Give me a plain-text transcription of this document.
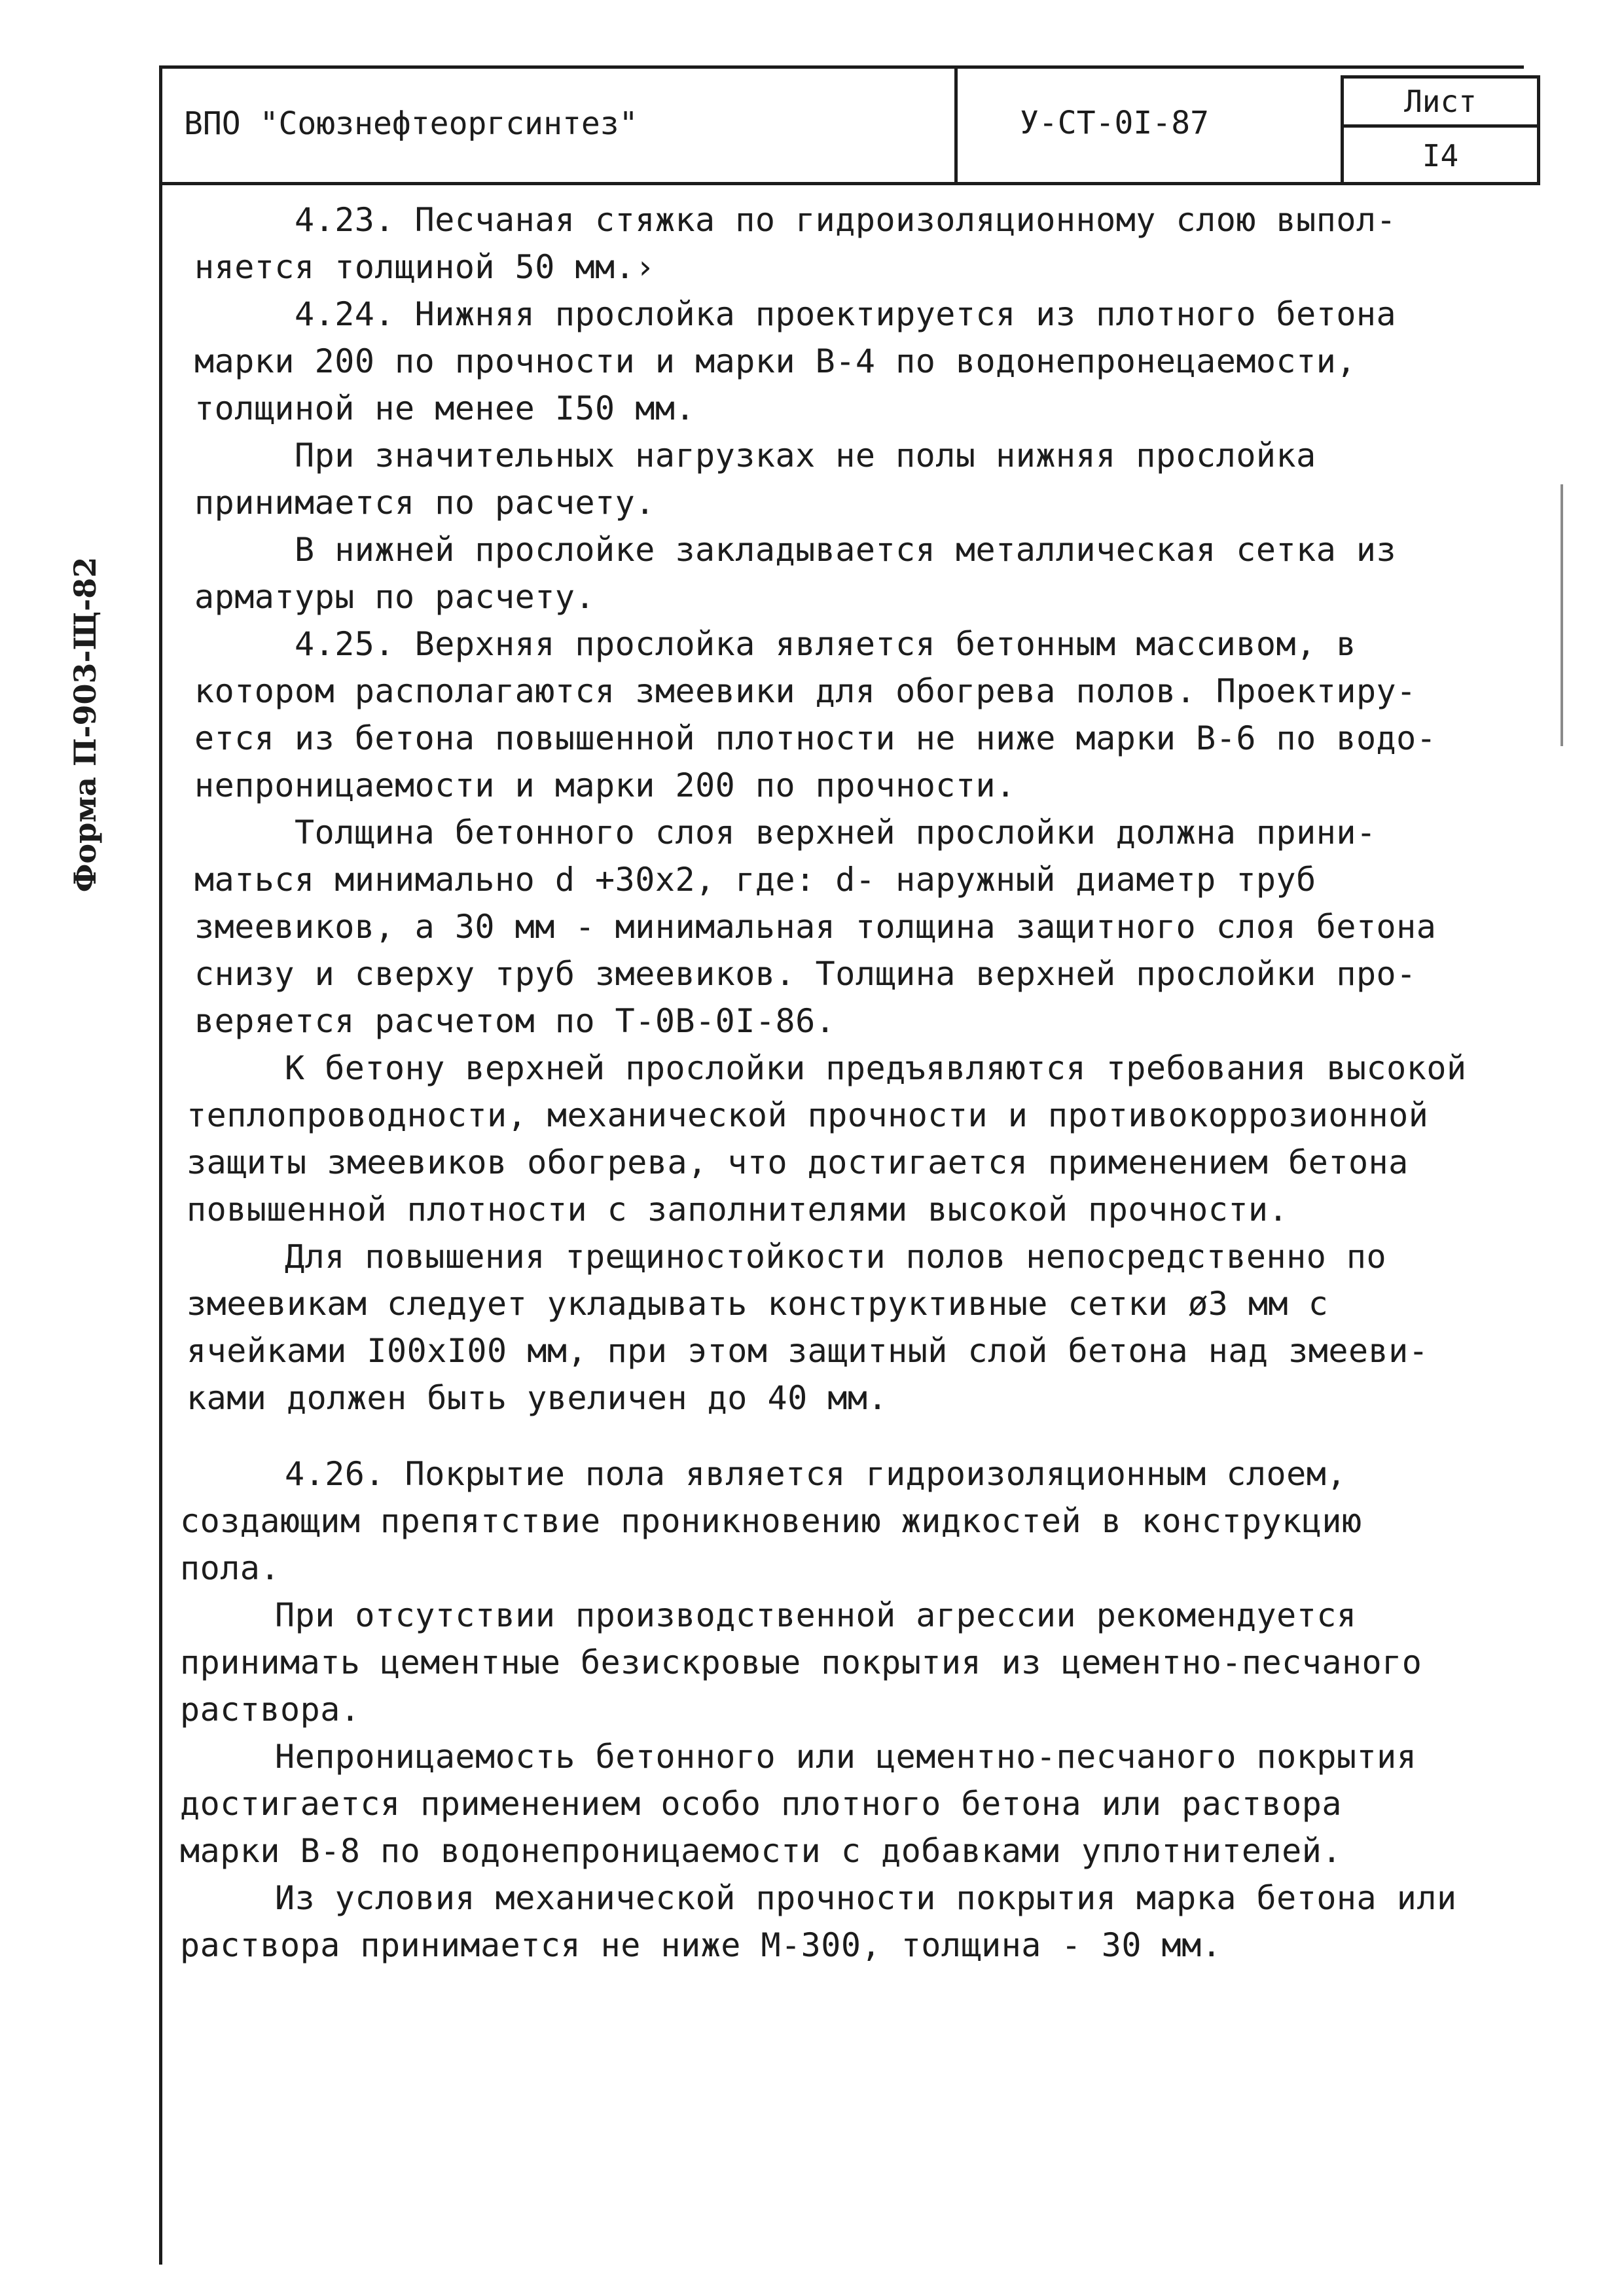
ВПО "Союзнефтеоргсинтез"	У-СТ-0I-87
Лист
I4
Форма П-903-Щ-82
4.23. Песчаная стяжка по гидроизоляционному слою выпол-
няется толщиной 50 мм.›
4.24. Нижняя прослойка проектируется из плотного бетона
марки 200 по прочности и марки В-4 по водонепронецаемости,
толщиной не менее I50 мм.
При значительных нагрузках не полы нижняя прослойка
принимается по расчету.
В нижней прослойке закладывается металлическая сетка из
арматуры по расчету.
4.25. Верхняя прослойка является бетонным массивом, в
котором располагаются змеевики для обогрева полов. Проектиру-
ется из бетона повышенной плотности не ниже марки В-6 по водо-
непроницаемости и марки 200 по прочности.
Толщина бетонного слоя верхней прослойки должна прини-
маться минимально d +30х2, где: d- наружный диаметр труб
змеевиков, а 30 мм - минимальная толщина защитного слоя бетона
снизу и сверху труб змеевиков. Толщина верхней прослойки про-
веряется расчетом по Т-0В-0I-86.
К бетону верхней прослойки предъявляются требования высокой
теплопроводности, механической прочности и противокоррозионной
защиты змеевиков обогрева, что достигается применением бетона
повышенной плотности с заполнителями высокой прочности.
Для повышения трещиностойкости полов непосредственно по
змеевикам следует укладывать конструктивные сетки ø3 мм с
ячейками I00хI00 мм, при этом защитный слой бетона над змееви-
ками должен быть увеличен до 40 мм.
4.26. Покрытие пола является гидроизоляционным слоем,
создающим препятствие проникновению жидкостей в конструкцию
пола.
При отсутствии производственной агрессии рекомендуется
принимать цементные безискровые покрытия из цементно-песчаного
раствора.
Непроницаемость бетонного или цементно-песчаного покрытия
достигается применением особо плотного бетона или раствора
марки В-8 по водонепроницаемости с добавками уплотнителей.
Из условия механической прочности покрытия марка бетона или
раствора принимается не ниже М-300, толщина - 30 мм.
